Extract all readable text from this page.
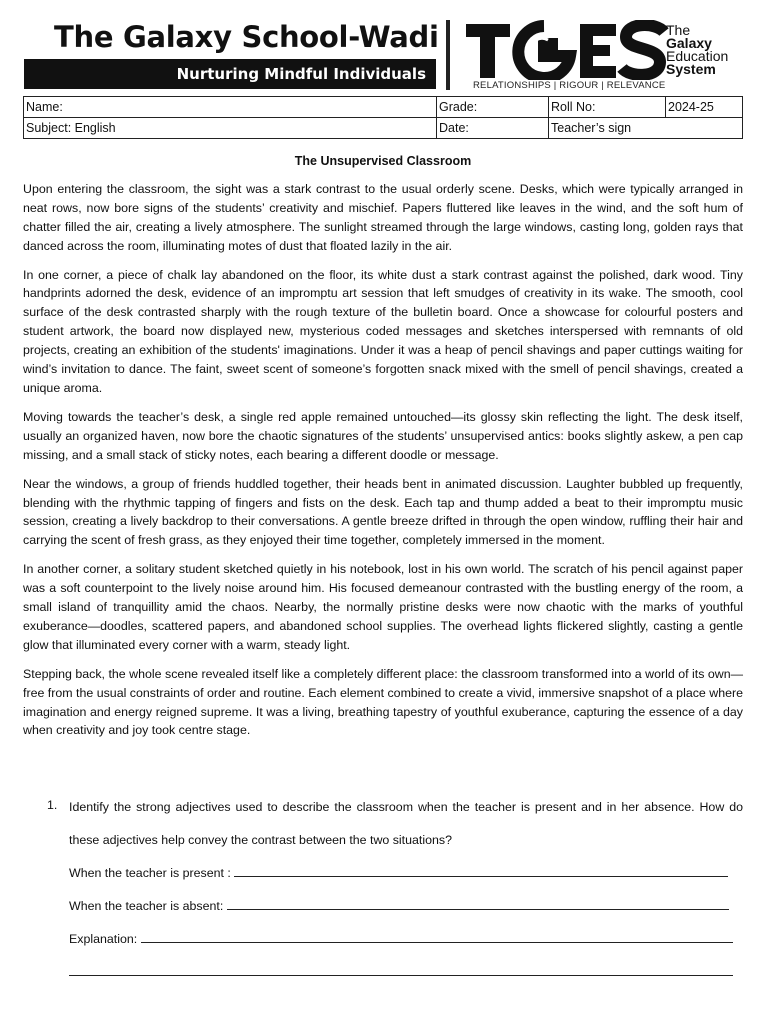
The Galaxy School-Wadi
Nurturing Mindful Individuals
The
Galaxy
Education
System
RELATIONSHIPS | RIGOUR | RELEVANCE
Name:	Grade:	Roll No:	2024-25
Subject: English	Date:	Teacher’s sign	
The Unsupervised Classroom

Upon entering the classroom, the sight was a stark contrast to the usual orderly scene. Desks, which were typically arranged in neat rows, now bore signs of the students’ creativity and mischief. Papers fluttered like leaves in the wind, and the soft hum of chatter filled the air, creating a lively atmosphere. The sunlight streamed through the large windows, casting long, golden rays that danced across the room, illuminating motes of dust that floated lazily in the air.

In one corner, a piece of chalk lay abandoned on the floor, its white dust a stark contrast against the polished, dark wood. Tiny handprints adorned the desk, evidence of an impromptu art session that left smudges of creativity in its wake. The smooth, cool surface of the desk contrasted sharply with the rough texture of the bulletin board. Once a showcase for colourful posters and student artwork, the board now displayed new, mysterious coded messages and sketches interspersed with remnants of old projects, creating an exhibition of the students' imaginations. Under it was a heap of pencil shavings and paper cuttings waiting for wind’s invitation to dance. The faint, sweet scent of someone’s forgotten snack mixed with the smell of pencil shavings, created a unique aroma.

Moving towards the teacher’s desk, a single red apple remained untouched—its glossy skin reflecting the light. The desk itself, usually an organized haven, now bore the chaotic signatures of the students’ unsupervised antics: books slightly askew, a pen cap missing, and a small stack of sticky notes, each bearing a different doodle or message.

Near the windows, a group of friends huddled together, their heads bent in animated discussion. Laughter bubbled up frequently, blending with the rhythmic tapping of fingers and fists on the desk. Each tap and thump added a beat to their impromptu music session, creating a lively backdrop to their conversations. A gentle breeze drifted in through the open window, ruffling their hair and carrying the scent of fresh grass, as they enjoyed their time together, completely immersed in the moment.

In another corner, a solitary student sketched quietly in his notebook, lost in his own world. The scratch of his pencil against paper was a soft counterpoint to the lively noise around him. His focused demeanour contrasted with the bustling energy of the room, a small island of tranquillity amid the chaos. Nearby, the normally pristine desks were now chaotic with the marks of youthful exuberance—doodles, scattered papers, and abandoned school supplies. The overhead lights flickered slightly, casting a gentle glow that illuminated every corner with a warm, steady light.

Stepping back, the whole scene revealed itself like a completely different place: the classroom transformed into a world of its own—free from the usual constraints of order and routine. Each element combined to create a vivid, immersive snapshot of a place where imagination and energy reigned supreme. It was a living, breathing tapestry of youthful exuberance, capturing the essence of a day when creativity and joy took centre stage.

1. Identify the strong adjectives used to describe the classroom when the teacher is present and in her absence. How do these adjectives help convey the contrast between the two situations?
When the teacher is present :
When the teacher is absent:
Explanation:
